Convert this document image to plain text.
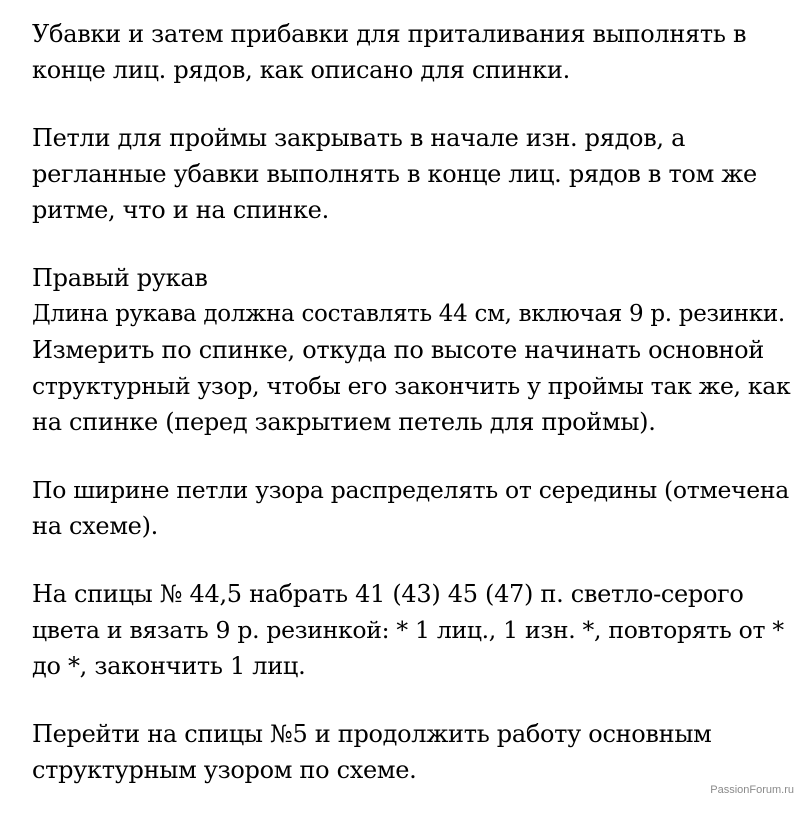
Убавки и затем прибавки для приталивания выполнять в
конце лиц. рядов, как описано для спинки.

Петли для проймы закрывать в начале изн. рядов, а
регланные убавки выполнять в конце лиц. рядов в том же
ритме, что и на спинке.

Правый рукав
Длина рукава должна составлять 44 см, включая 9 р. резинки.
Измерить по спинке, откуда по высоте начинать основной
структурный узор, чтобы его закончить у проймы так же, как
на спинке (перед закрытием петель для проймы).

По ширине петли узора распределять от середины (отмечена
на схеме).

На спицы № 44,5 набрать 41 (43) 45 (47) п. светло-серого
цвета и вязать 9 р. резинкой: * 1 лиц., 1 изн. *, повторять от *
до *, закончить 1 лиц.

Перейти на спицы №5 и продолжить работу основным
структурным узором по схеме.

PassionForum.ru
